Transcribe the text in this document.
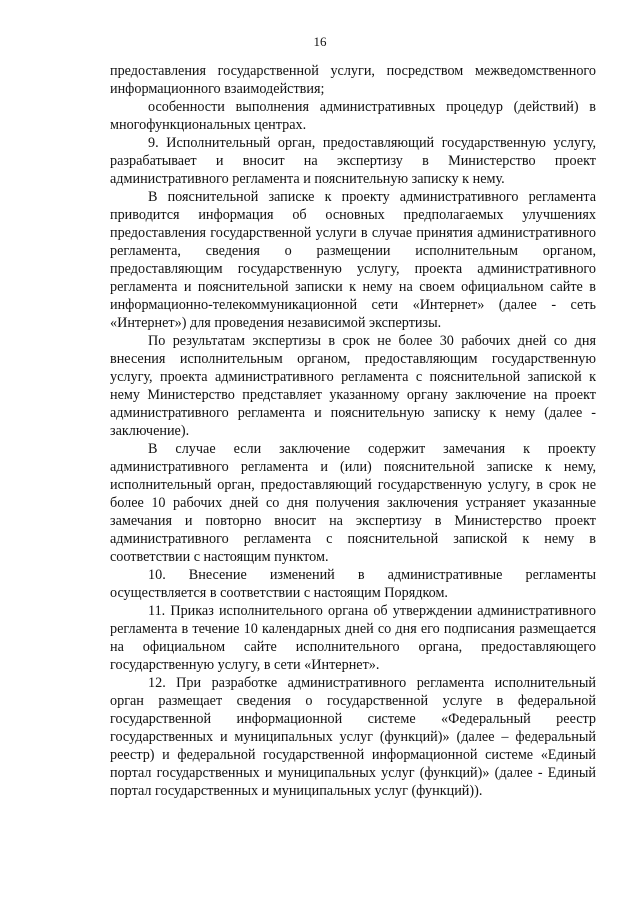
16

предоставления государственной услуги, посредством межведомственного информационного взаимодействия;

особенности выполнения административных процедур (действий) в многофункциональных центрах.

9. Исполнительный орган, предоставляющий государственную услугу, разрабатывает и вносит на экспертизу в Министерство проект административного регламента и пояснительную записку к нему.

В пояснительной записке к проекту административного регламента приводится информация об основных предполагаемых улучшениях предоставления государственной услуги в случае принятия административного регламента, сведения о размещении исполнительным органом, предоставляющим государственную услугу, проекта административного регламента и пояснительной записки к нему на своем официальном сайте в информационно-телекоммуникационной сети «Интернет» (далее - сеть «Интернет») для проведения независимой экспертизы.

По результатам экспертизы в срок не более 30 рабочих дней со дня внесения исполнительным органом, предоставляющим государственную услугу, проекта административного регламента с пояснительной запиской к нему Министерство представляет указанному органу заключение на проект административного регламента и пояснительную записку к нему (далее - заключение).

В случае если заключение содержит замечания к проекту административного регламента и (или) пояснительной записке к нему, исполнительный орган, предоставляющий государственную услугу, в срок не более 10 рабочих дней со дня получения заключения устраняет указанные замечания и повторно вносит на экспертизу в Министерство проект административного регламента с пояснительной запиской к нему в соответствии с настоящим пунктом.

10. Внесение изменений в административные регламенты осуществляется в соответствии с настоящим Порядком.

11. Приказ исполнительного органа об утверждении административного регламента в течение 10 календарных дней со дня его подписания размещается на официальном сайте исполнительного органа, предоставляющего государственную услугу, в сети «Интернет».

12. При разработке административного регламента исполнительный орган размещает сведения о государственной услуге в федеральной государственной информационной системе «Федеральный реестр государственных и муниципальных услуг (функций)» (далее – федеральный реестр) и федеральной государственной информационной системе «Единый портал государственных и муниципальных услуг (функций)» (далее - Единый портал государственных и муниципальных услуг (функций)).
